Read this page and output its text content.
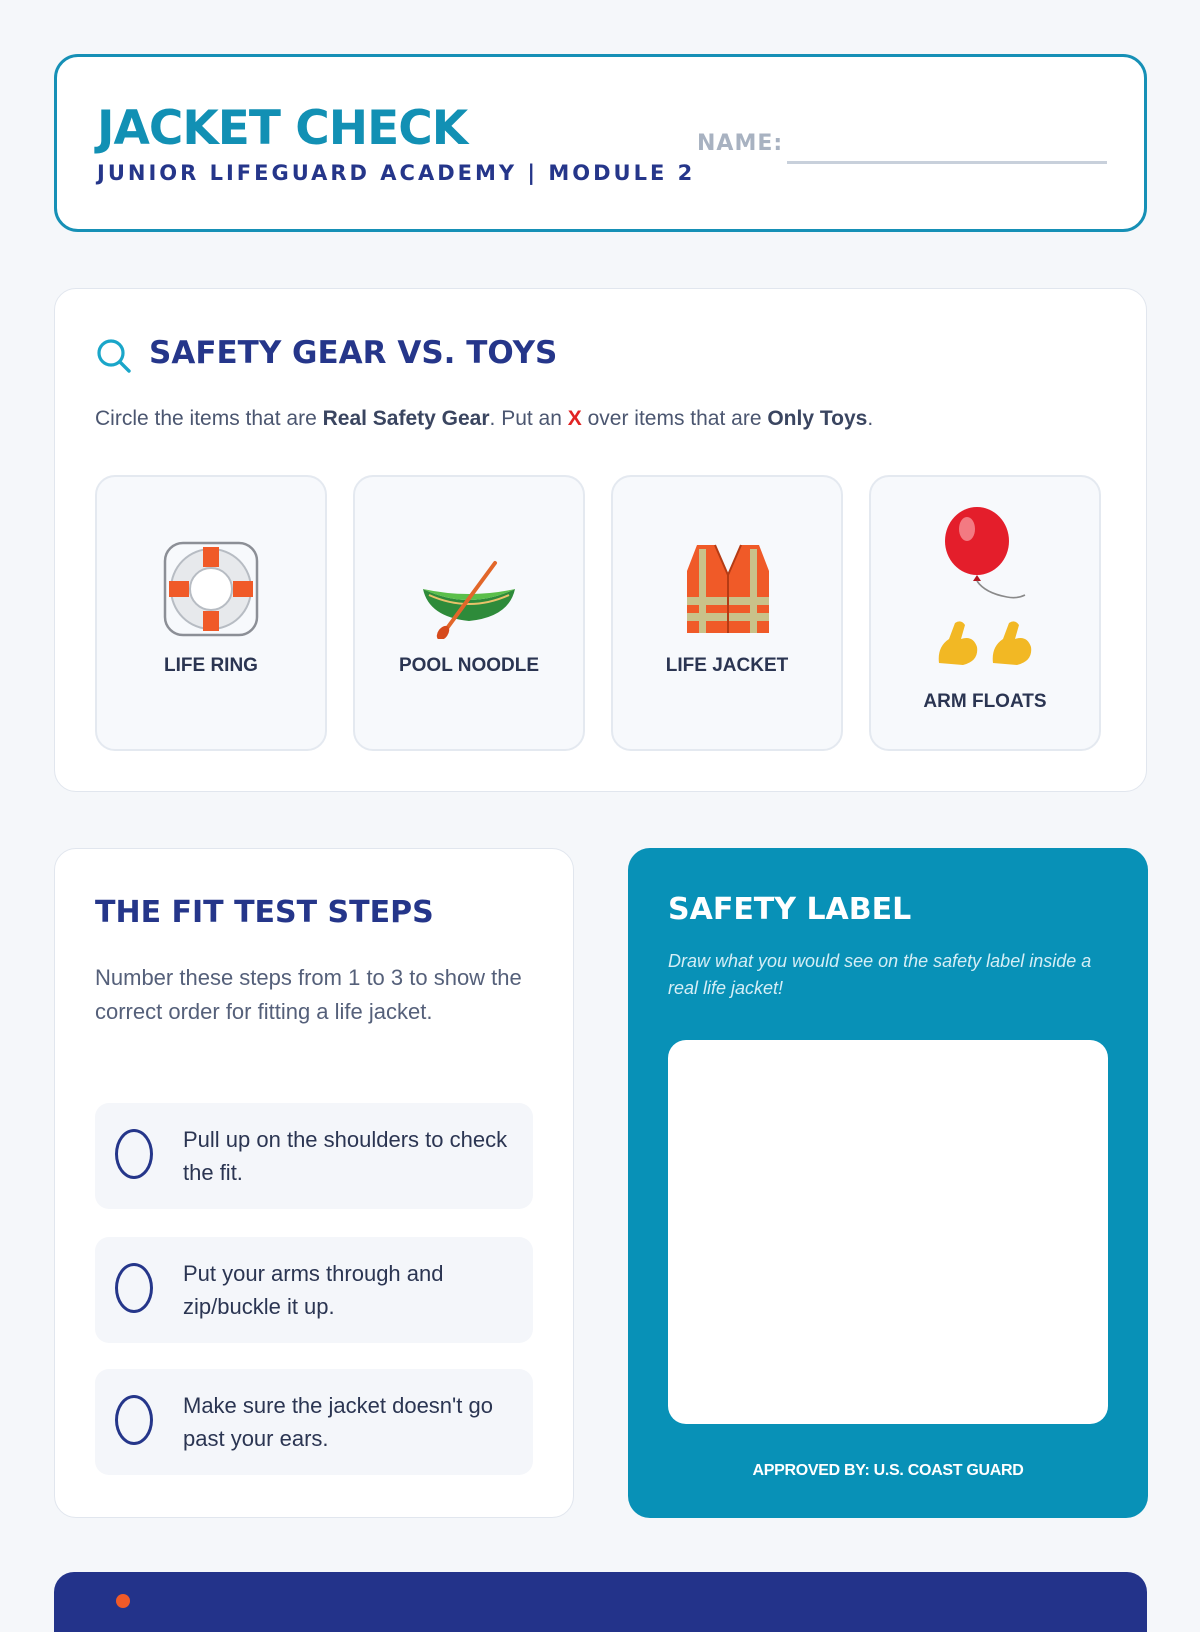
JACKET CHECK
JUNIOR LIFEGUARD ACADEMY | MODULE 2
NAME:
SAFETY GEAR VS. TOYS
Circle the items that are Real Safety Gear. Put an X over items that are Only Toys.
LIFE RING	POOL NOODLE	LIFE JACKET
ARM FLOATS
THE FIT TEST STEPS
Number these steps from 1 to 3 to show the correct order for fitting a life jacket.
Pull up on the shoulders to check the fit.
Put your arms through and zip/buckle it up.
Make sure the jacket doesn't go past your ears.
SAFETY LABEL
Draw what you would see on the safety label inside a real life jacket!
APPROVED BY: U.S. COAST GUARD
